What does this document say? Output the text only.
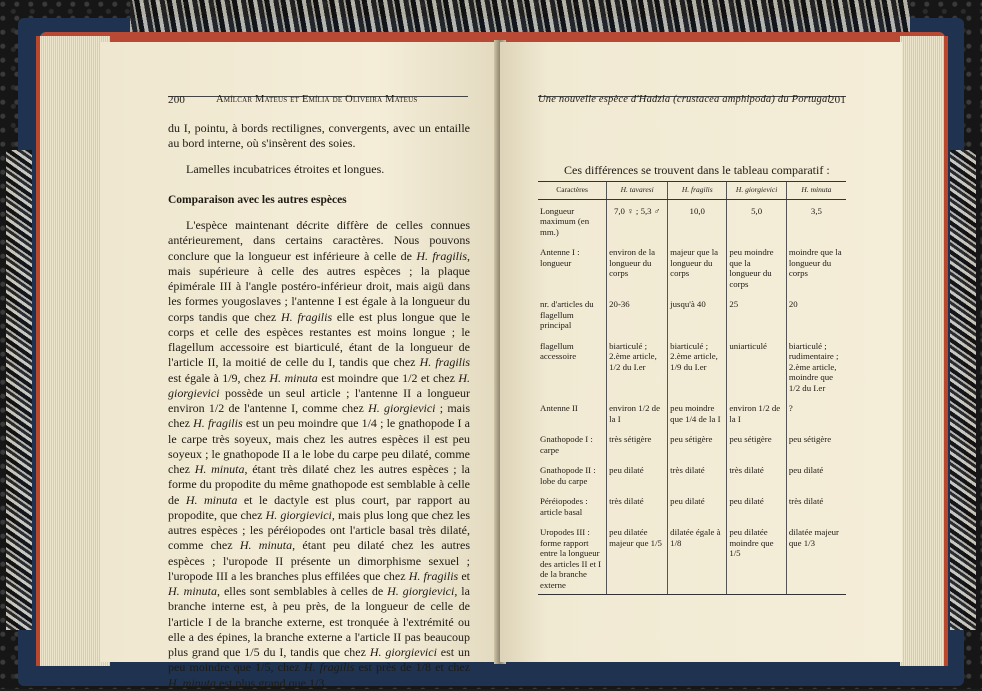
200	Amílcar Mateus et Emília de Oliveira Mateus

du I, pointu, à bords rectilignes, convergents, avec un entaille au bord interne, où s'insèrent des soies.

Lamelles incubatrices étroites et longues.

Comparaison avec les autres espèces

L'espèce maintenant décrite diffère de celles connues antérieurement, dans certains caractères. Nous pouvons conclure que la longueur est inférieure à celle de H. fragilis, mais supérieure à celle des autres espèces ; la plaque épimérale III à l'angle postéro-inférieur droit, mais aigü dans les formes yougoslaves ; l'antenne I est égale à la longueur du corps tandis que chez H. fragilis elle est plus longue que le corps et celle des espèces restantes est moins longue ; le flagellum accessoire est biarticulé, étant de la longueur de l'article II, la moitié de celle du I, tandis que chez H. fragilis est égale à 1/9, chez H. minuta est moindre que 1/2 et chez H. giorgievici possède un seul article ; l'antenne II a longueur environ 1/2 de l'antenne I, comme chez H. giorgievici ; mais chez H. fragilis est un peu moindre que 1/4 ; le gnathopode I a le carpe très soyeux, mais chez les autres espèces il est peu soyeux ; le gnathopode II a le lobe du carpe peu dilaté, comme chez H. minuta, étant très dilaté chez les autres espèces ; la forme du propodite du même gnathopode est semblable à celle de H. minuta et le dactyle est plus court, par rapport au propodite, que chez H. giorgievici, mais plus long que chez les autres espèces ; les péréiopodes ont l'article basal très dilaté, comme chez H. minuta, étant peu dilaté chez les autres espèces ; l'uropode II présente un dimorphisme sexuel ; l'uropode III a les branches plus effilées que chez H. fragilis et H. minuta, elles sont semblables à celles de H. giorgievici, la branche interne est, à peu près, de la longueur de celle de l'article I de la branche externe, est tronquée à l'extrémité ou elle a des épines, la branche externe a l'article II pas beaucoup plus grand que 1/5 du I, tandis que chez H. giorgievici est un peu moindre que 1/5, chez H. fragilis est près de 1/8 et chez H. minuta est plus grand que 1/3.

Une nouvelle espèce d'Hadzia (crustacea amphipoda) du Portugal
201
Ces différences se trouvent dans le tableau comparatif :
Caractères	H. tavaresi	H. fragilis	H. giorgievici	H. minuta
Longueur maximum (en mm.)	7,0 ♀ ; 5,3 ♂	10,0	5,0	3,5
Antenne I : longueur	environ de la longueur du corps	majeur que la longueur du corps	peu moindre que la longueur du corps	moindre que la longueur du corps
nr. d'articles du flagellum principal	20-36	jusqu'à 40	25	20
flagellum accessoire	biarticulé ; 2.ème article, 1/2 du I.er	biarticulé ; 2.ème article, 1/9 du I.er	uniarticulé	biarticulé ; rudimentaire ; 2.ème article, moindre que 1/2 du I.er
Antenne II	environ 1/2 de la I	peu moindre que 1/4 de la I	environ 1/2 de la I	?
Gnathopode I : carpe	très sétigère	peu sétigère	peu sétigère	peu sétigère
Gnathopode II : lobe du carpe	peu dilaté	très dilaté	très dilaté	peu dilaté
Péréiopodes : article basal	très dilaté	peu dilaté	peu dilaté	très dilaté
Uropodes III : forme rapport entre la longueur des articles II et I de la branche externe	peu dilatée majeur que 1/5	dilatée égale à 1/8	peu dilatée moindre que 1/5	dilatée majeur que 1/3
